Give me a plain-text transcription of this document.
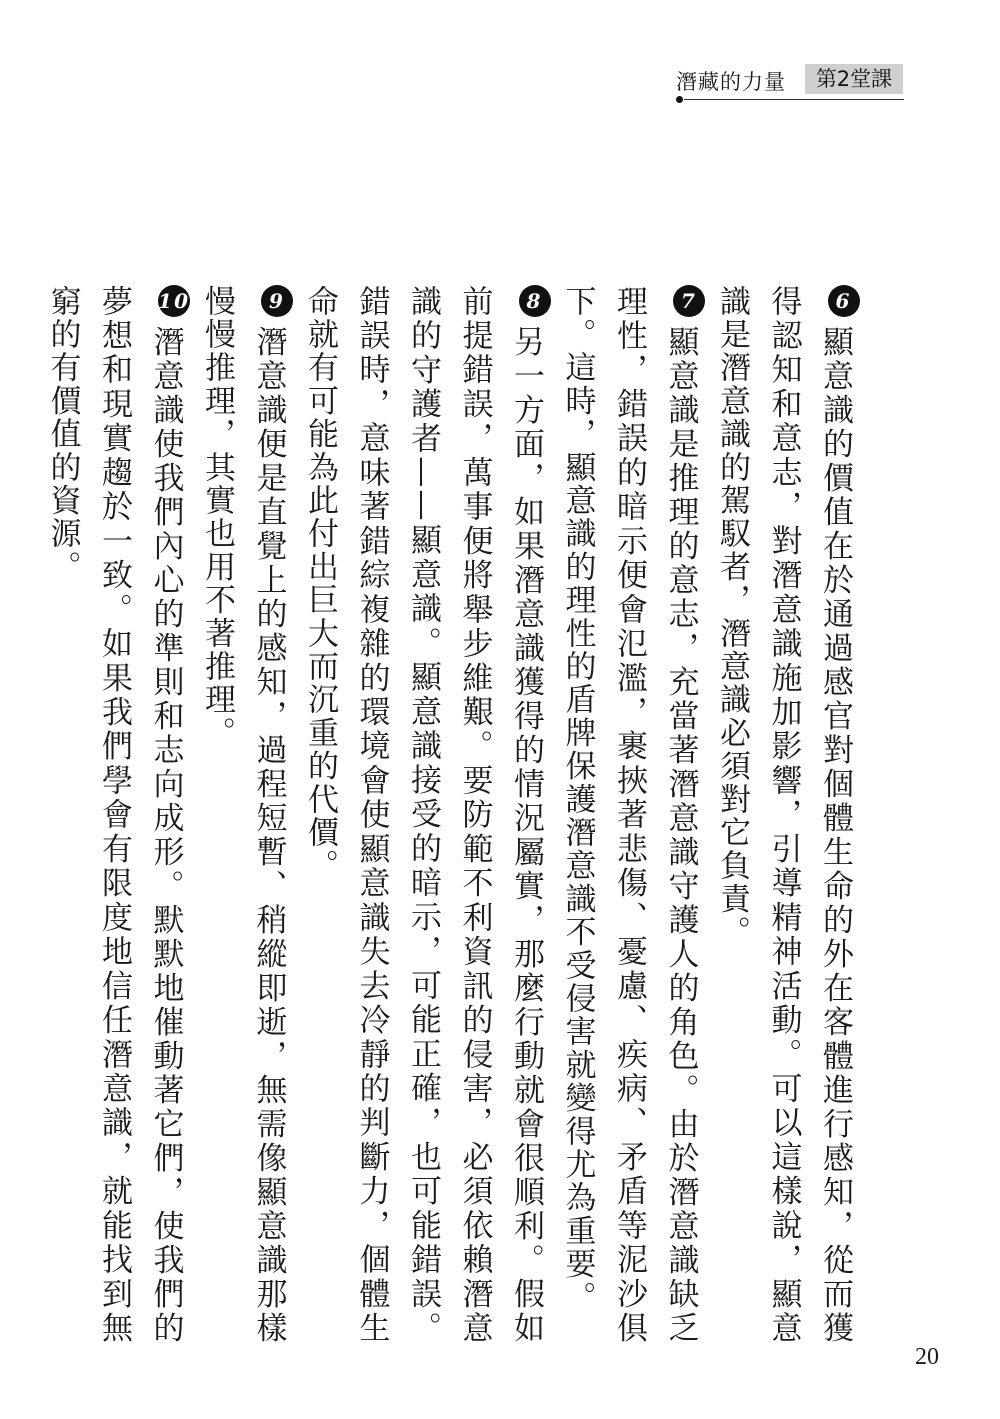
潛藏的力量	第2堂課

6顯意識的價值在於通過感官對個體生命的外在客體進行感知，從而獲得認知和意志，對潛意識施加影響，引導精神活動。可以這樣說，顯意識是潛意識的駕馭者，潛意識必須對它負責。

7顯意識是推理的意志，充當著潛意識守護人的角色。由於潛意識缺乏理性，錯誤的暗示便會氾濫，裹挾著悲傷、憂慮、疾病、矛盾等泥沙俱下。這時，顯意識的理性的盾牌保護潛意識不受侵害就變得尤為重要。

8另一方面，如果潛意識獲得的情況屬實，那麼行動就會很順利。假如前提錯誤，萬事便將舉步維艱。要防範不利資訊的侵害，必須依賴潛意識的守護者——顯意識。顯意識接受的暗示，可能正確，也可能錯誤。錯誤時，意味著錯綜複雜的環境會使顯意識失去冷靜的判斷力，個體生命就有可能為此付出巨大而沉重的代價。

9潛意識便是直覺上的感知，過程短暫、稍縱即逝，無需像顯意識那樣慢慢推理，其實也用不著推理。

10潛意識使我們內心的準則和志向成形。默默地催動著它們，使我們的夢想和現實趨於一致。如果我們學會有限度地信任潛意識，就能找到無窮的有價值的資源。

20
